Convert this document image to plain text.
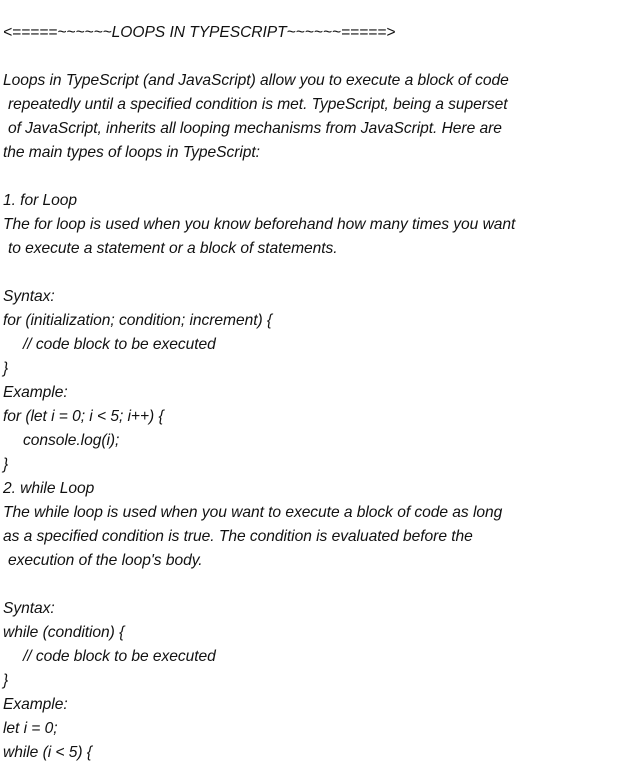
<=====~~~~~~LOOPS IN TYPESCRIPT~~~~~~=====>
Loops in TypeScript (and JavaScript) allow you to execute a block of code
repeatedly until a specified condition is met. TypeScript, being a superset
of JavaScript, inherits all looping mechanisms from JavaScript. Here are
the main types of loops in TypeScript:
1. for Loop
The for loop is used when you know beforehand how many times you want
to execute a statement or a block of statements.
Syntax:
for (initialization; condition; increment) {
// code block to be executed
}
Example:
for (let i = 0; i < 5; i++) {
console.log(i);
}
2. while Loop
The while loop is used when you want to execute a block of code as long
as a specified condition is true. The condition is evaluated before the
execution of the loop's body.
Syntax:
while (condition) {
// code block to be executed
}
Example:
let i = 0;
while (i < 5) {
